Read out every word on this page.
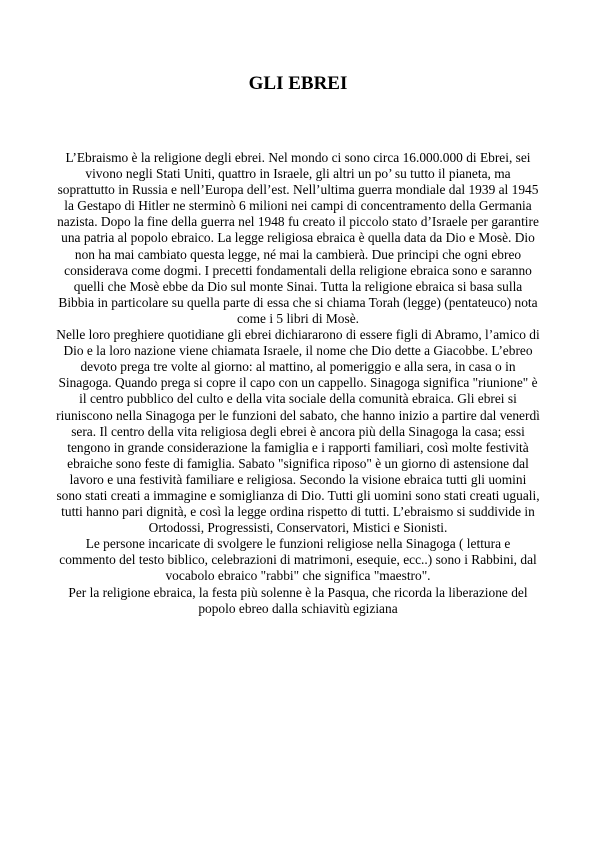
GLI EBREI

L’Ebraismo è la religione degli ebrei. Nel mondo ci sono circa 16.000.000 di Ebrei, sei vivono negli Stati Uniti, quattro in Israele, gli altri un po’ su tutto il pianeta, ma soprattutto in Russia e nell’Europa dell’est. Nell’ultima guerra mondiale dal 1939 al 1945 la Gestapo di Hitler ne sterminò 6 milioni nei campi di concentramento della Germania nazista. Dopo la fine della guerra nel 1948 fu creato il piccolo stato d’Israele per garantire una patria al popolo ebraico. La legge religiosa ebraica è quella data da Dio e Mosè. Dio non ha mai cambiato questa legge, né mai la cambierà. Due principi che ogni ebreo considerava come dogmi. I precetti fondamentali della religione ebraica sono e saranno quelli che Mosè ebbe da Dio sul monte Sinai. Tutta la religione ebraica si basa sulla Bibbia in particolare su quella parte di essa che si chiama Torah (legge) (pentateuco) nota come i 5 libri di Mosè.

Nelle loro preghiere quotidiane gli ebrei dichiararono di essere figli di Abramo, l’amico di Dio e la loro nazione viene chiamata Israele, il nome che Dio dette a Giacobbe. L’ebreo devoto prega tre volte al giorno: al mattino, al pomeriggio e alla sera, in casa o in Sinagoga. Quando prega si copre il capo con un cappello. Sinagoga significa "riunione" è il centro pubblico del culto e della vita sociale della comunità ebraica. Gli ebrei si riuniscono nella Sinagoga per le funzioni del sabato, che hanno inizio a partire dal venerdì sera. Il centro della vita religiosa degli ebrei è ancora più della Sinagoga la casa; essi tengono in grande considerazione la famiglia e i rapporti familiari, così molte festività ebraiche sono feste di famiglia. Sabato "significa riposo" è un giorno di astensione dal lavoro e una festività familiare e religiosa. Secondo la visione ebraica tutti gli uomini sono stati creati a immagine e somiglianza di Dio. Tutti gli uomini sono stati creati uguali, tutti hanno pari dignità, e così la legge ordina rispetto di tutti. L’ebraismo si suddivide in Ortodossi, Progressisti, Conservatori, Mistici e Sionisti.

Le persone incaricate di svolgere le funzioni religiose nella Sinagoga ( lettura e commento del testo biblico, celebrazioni di matrimoni, esequie, ecc..) sono i Rabbini, dal vocabolo ebraico "rabbi" che significa "maestro".

Per la religione ebraica, la festa più solenne è la Pasqua, che ricorda la liberazione del popolo ebreo dalla schiavitù egiziana
